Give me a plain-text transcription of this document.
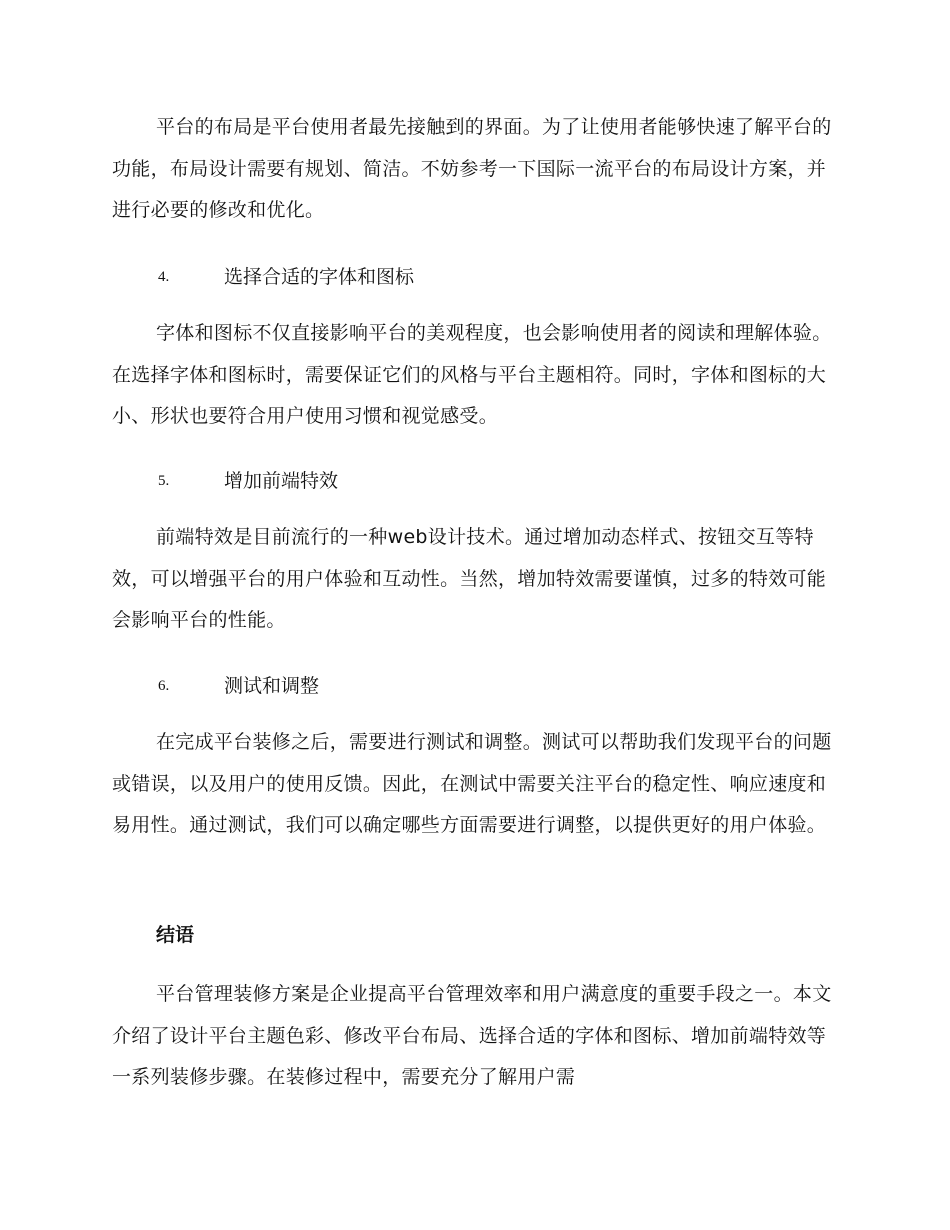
平台的布局是平台使用者最先接触到的界面。为了让使用者能够快速了解平台的功能，布局设计需要有规划、简洁。不妨参考一下国际一流平台的布局设计方案，并进行必要的修改和优化。

4.	选择合适的字体和图标

字体和图标不仅直接影响平台的美观程度，也会影响使用者的阅读和理解体验。在选择字体和图标时，需要保证它们的风格与平台主题相符。同时，字体和图标的大小、形状也要符合用户使用习惯和视觉感受。

5.	增加前端特效

前端特效是目前流行的一种web设计技术。通过增加动态样式、按钮交互等特效，可以增强平台的用户体验和互动性。当然，增加特效需要谨慎，过多的特效可能会影响平台的性能。

6.	测试和调整

在完成平台装修之后，需要进行测试和调整。测试可以帮助我们发现平台的问题或错误，以及用户的使用反馈。因此，在测试中需要关注平台的稳定性、响应速度和易用性。通过测试，我们可以确定哪些方面需要进行调整，以提供更好的用户体验。

结语

平台管理装修方案是企业提高平台管理效率和用户满意度的重要手段之一。本文介绍了设计平台主题色彩、修改平台布局、选择合适的字体和图标、增加前端特效等一系列装修步骤。在装修过程中，需要充分了解用户需
